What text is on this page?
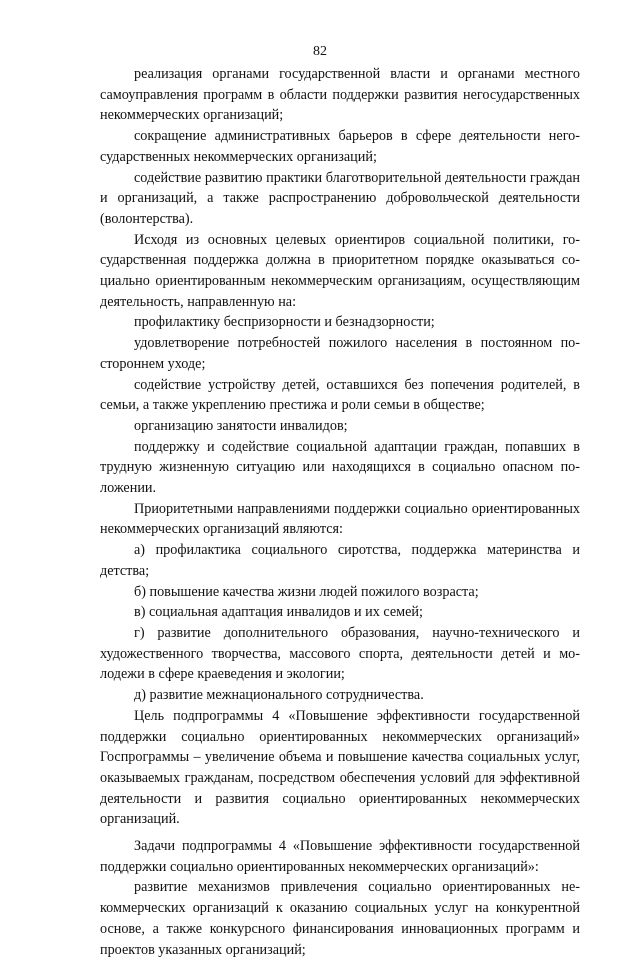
82

реализация органами государственной власти и органами местного самоуправления программ в области поддержки развития негосударственных некоммерческих организаций;

сокращение административных барьеров в сфере деятельности негосударственных некоммерческих организаций;

содействие развитию практики благотворительной деятельности граждан и организаций, а также распространению добровольческой деятельности (волонтерства).

Исходя из основных целевых ориентиров социальной политики, государственная поддержка должна в приоритетном порядке оказываться социально ориентированным некоммерческим организациям, осуществляющим деятельность, направленную на:

профилактику беспризорности и безнадзорности;

удовлетворение потребностей пожилого населения в постоянном постороннем уходе;

содействие устройству детей, оставшихся без попечения родителей, в семьи, а также укреплению престижа и роли семьи в обществе;

организацию занятости инвалидов;

поддержку и содействие социальной адаптации граждан, попавших в трудную жизненную ситуацию или находящихся в социально опасном положении.

Приоритетными направлениями поддержки социально ориентированных некоммерческих организаций являются:

а) профилактика социального сиротства, поддержка материнства и детства;

б) повышение качества жизни людей пожилого возраста;

в) социальная адаптация инвалидов и их семей;

г) развитие дополнительного образования, научно-технического и художественного творчества, массового спорта, деятельности детей и молодежи в сфере краеведения и экологии;

д) развитие межнационального сотрудничества.

Цель подпрограммы 4 «Повышение эффективности государственной поддержки социально ориентированных некоммерческих организаций» Госпрограммы – увеличение объема и повышение качества социальных услуг, оказываемых гражданам, посредством обеспечения условий для эффективной деятельности и развития социально ориентированных некоммерческих организаций.

Задачи подпрограммы 4 «Повышение эффективности государственной поддержки социально ориентированных некоммерческих организаций»:

развитие механизмов привлечения социально ориентированных некоммерческих организаций к оказанию социальных услуг на конкурентной основе, а также конкурсного финансирования инновационных программ и проектов указанных организаций;
